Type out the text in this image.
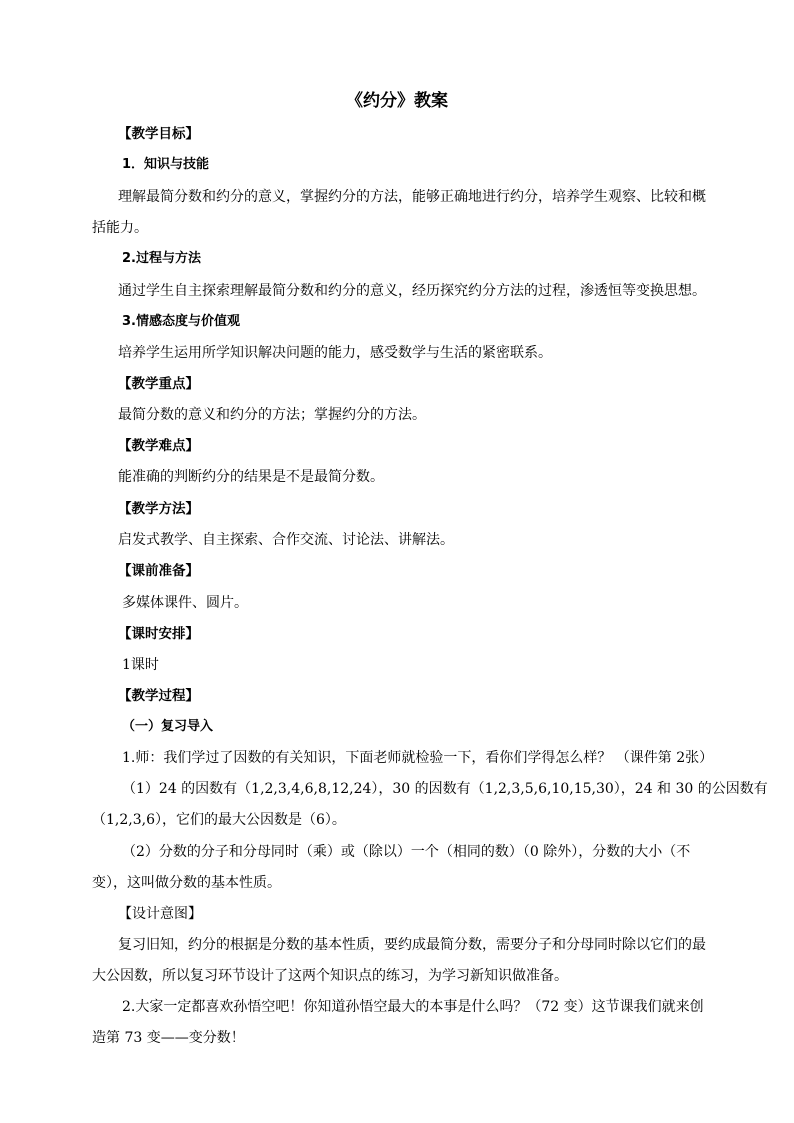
《约分》教案
【教学目标】
1．知识与技能
理解最简分数和约分的意义，掌握约分的方法，能够正确地进行约分，培养学生观察、比较和概
括能力。
2.过程与方法
通过学生自主探索理解最简分数和约分的意义，经历探究约分方法的过程，渗透恒等变换思想。
3.情感态度与价值观
培养学生运用所学知识解决问题的能力，感受数学与生活的紧密联系。
【教学重点】
最简分数的意义和约分的方法；掌握约分的方法。
【教学难点】
能准确的判断约分的结果是不是最简分数。
【教学方法】
启发式教学、自主探索、合作交流、讨论法、讲解法。
【课前准备】
多媒体课件、圆片。
【课时安排】
1课时
【教学过程】
（一）复习导入
1.师：我们学过了因数的有关知识，下面老师就检验一下，看你们学得怎么样？ （课件第 2张）
（1）24 的因数有（1,2,3,4,6,8,12,24），30 的因数有（1,2,3,5,6,10,15,30），24 和 30 的公因数有
（1,2,3,6），它们的最大公因数是（6）。
（2）分数的分子和分母同时（乘）或（除以）一个（相同的数）（0 除外），分数的大小（不
变），这叫做分数的基本性质。
【设计意图】
复习旧知，约分的根据是分数的基本性质，要约成最简分数，需要分子和分母同时除以它们的最
大公因数，所以复习环节设计了这两个知识点的练习，为学习新知识做准备。
2.大家一定都喜欢孙悟空吧！你知道孙悟空最大的本事是什么吗？（72 变）这节课我们就来创
造第 73 变——变分数！
